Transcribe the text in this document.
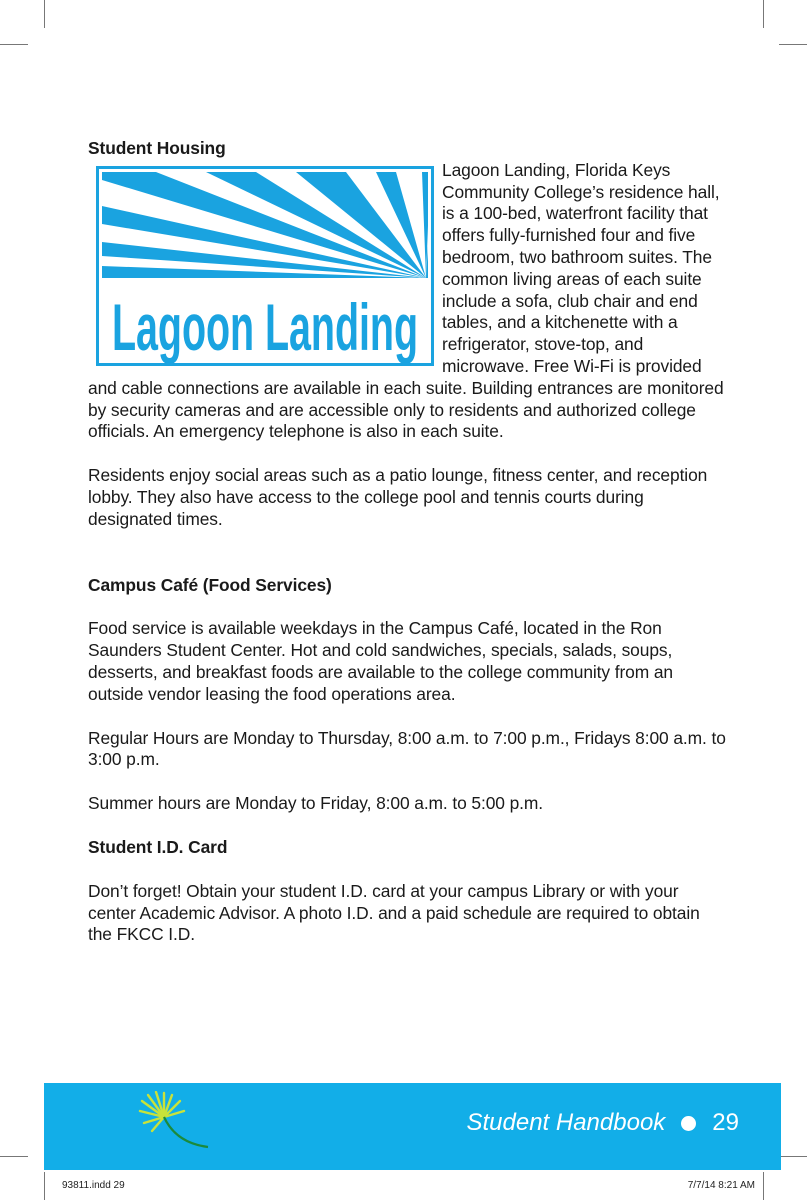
Student Housing
Lagoon Landing

Lagoon Landing, Florida Keys Community College’s residence hall, is a 100-bed, waterfront facility that offers fully-furnished four and five bedroom, two bathroom suites. The common living areas of each suite include a sofa, club chair and end tables, and a kitchenette with a refrigerator, stove-top, and microwave. Free Wi-Fi is provided and cable connections are available in each suite. Building entrances are monitored by security cameras and are accessible only to residents and authorized college officials. An emergency telephone is also in each suite.

Residents enjoy social areas such as a patio lounge, fitness center, and reception lobby. They also have access to the college pool and tennis courts during designated times.

Campus Café (Food Services)

Food service is available weekdays in the Campus Café, located in the Ron Saunders Student Center. Hot and cold sandwiches, specials, salads, soups, desserts, and breakfast foods are available to the college community from an outside vendor leasing the food operations area.

Regular Hours are Monday to Thursday, 8:00 a.m. to 7:00 p.m., Fridays 8:00 a.m. to 3:00 p.m.

Summer hours are Monday to Friday, 8:00 a.m. to 5:00 p.m.

Student I.D. Card

Don’t forget! Obtain your student I.D. card at your campus Library or with your center Academic Advisor. A photo I.D. and a paid schedule are required to obtain the FKCC I.D.

Student Handbook 29
93811.indd 29	7/7/14 8:21 AM
